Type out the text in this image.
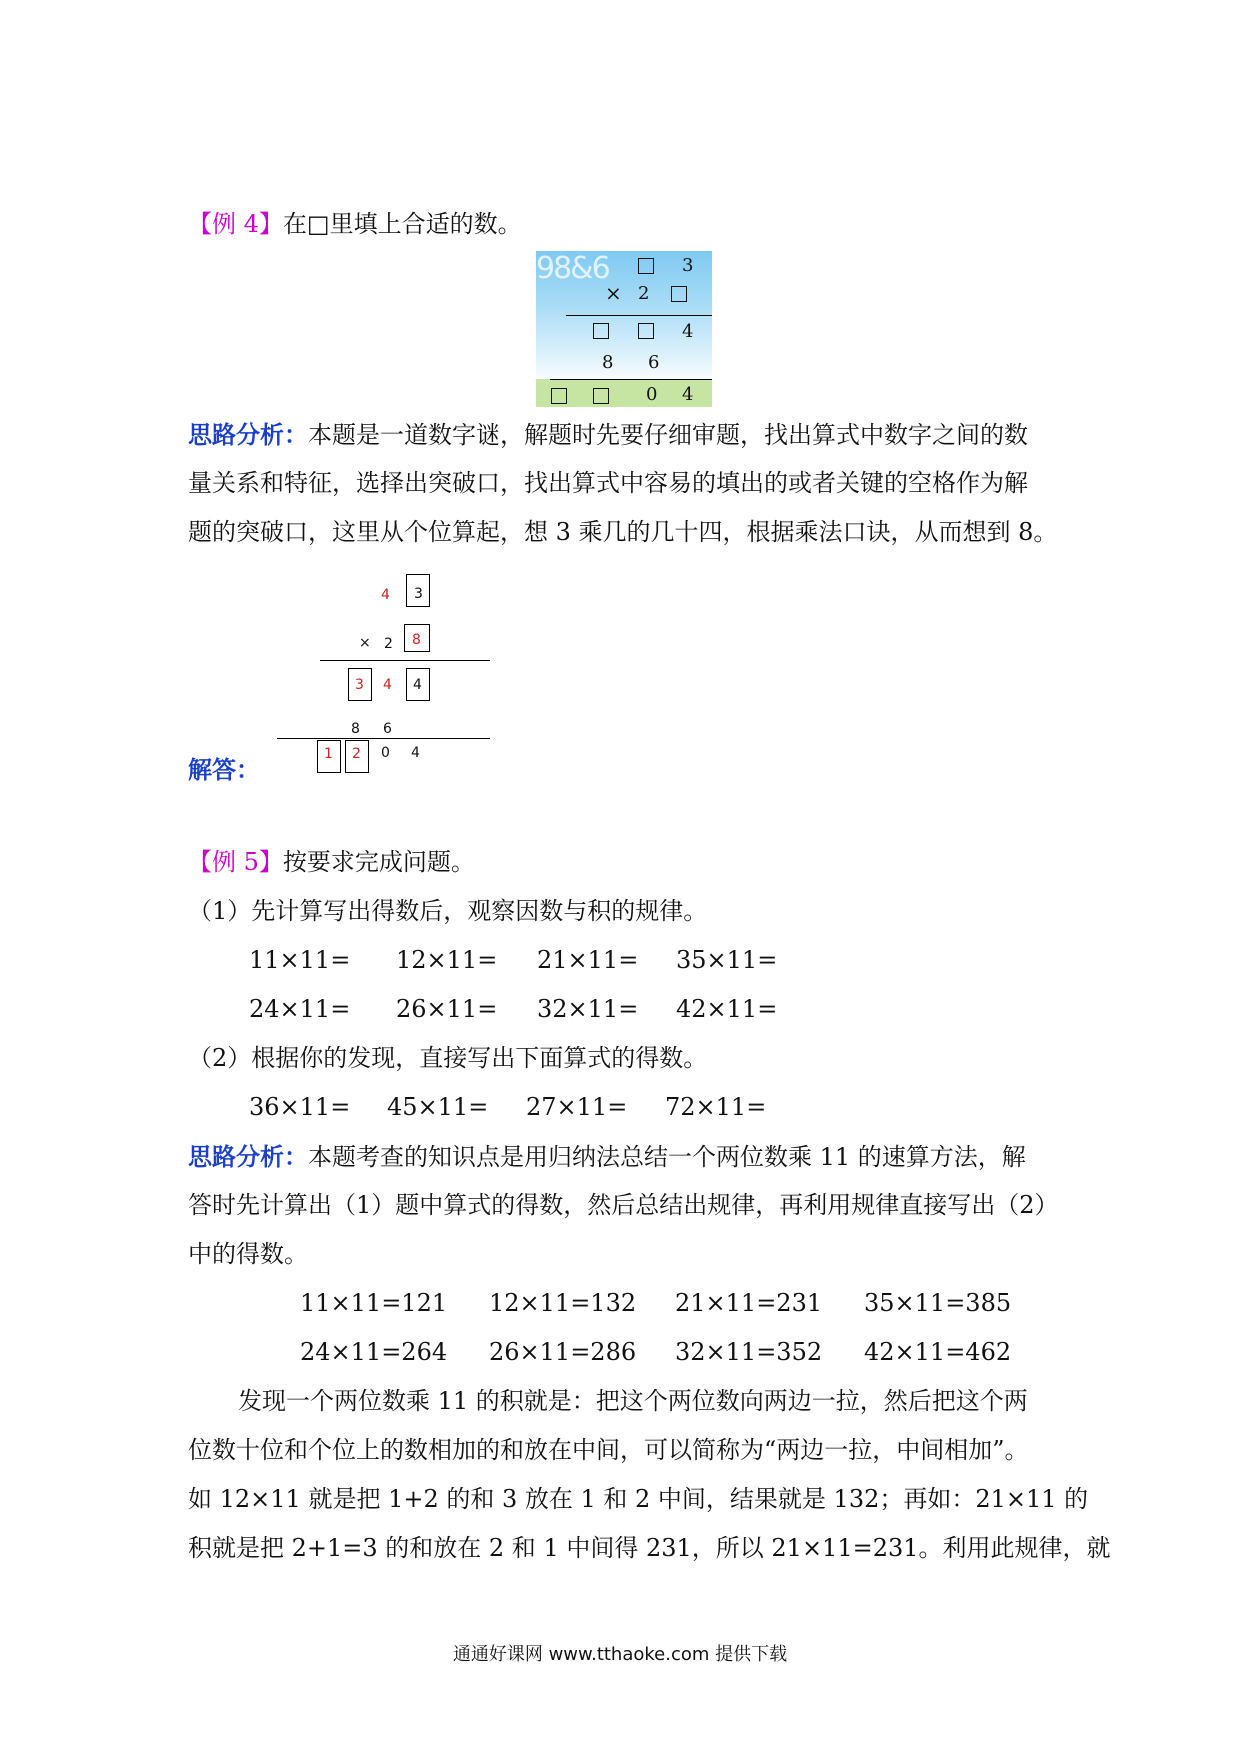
【例 4】在□里填上合适的数。
98&6	3
× 2
4
8 6
0 4
思路分析：本题是一道数字谜，解题时先要仔细审题，找出算式中数字之间的数
量关系和特征，选择出突破口，找出算式中容易的填出的或者关键的空格作为解
题的突破口，这里从个位算起，想 3 乘几的几十四，根据乘法口诀，从而想到 8。
4 3
× 2 8
3 4 4
8 6
1 2 0 4
解答：
【例 5】按要求完成问题。
（1）先计算写出得数后，观察因数与积的规律。
11×11= 12×11= 21×11= 35×11=
24×11= 26×11= 32×11= 42×11=
（2）根据你的发现，直接写出下面算式的得数。
36×11= 45×11= 27×11= 72×11=
思路分析：本题考查的知识点是用归纳法总结一个两位数乘 11 的速算方法，解
答时先计算出（1）题中算式的得数，然后总结出规律，再利用规律直接写出（2）
中的得数。
11×11=121 12×11=132 21×11=231 35×11=385
24×11=264 26×11=286 32×11=352 42×11=462
发现一个两位数乘 11 的积就是：把这个两位数向两边一拉，然后把这个两
位数十位和个位上的数相加的和放在中间，可以简称为“两边一拉，中间相加”。
如 12×11 就是把 1+2 的和 3 放在 1 和 2 中间，结果就是 132；再如：21×11 的
积就是把 2+1=3 的和放在 2 和 1 中间得 231，所以 21×11=231。利用此规律，就
通通好课网 www.tthaoke.com 提供下载
